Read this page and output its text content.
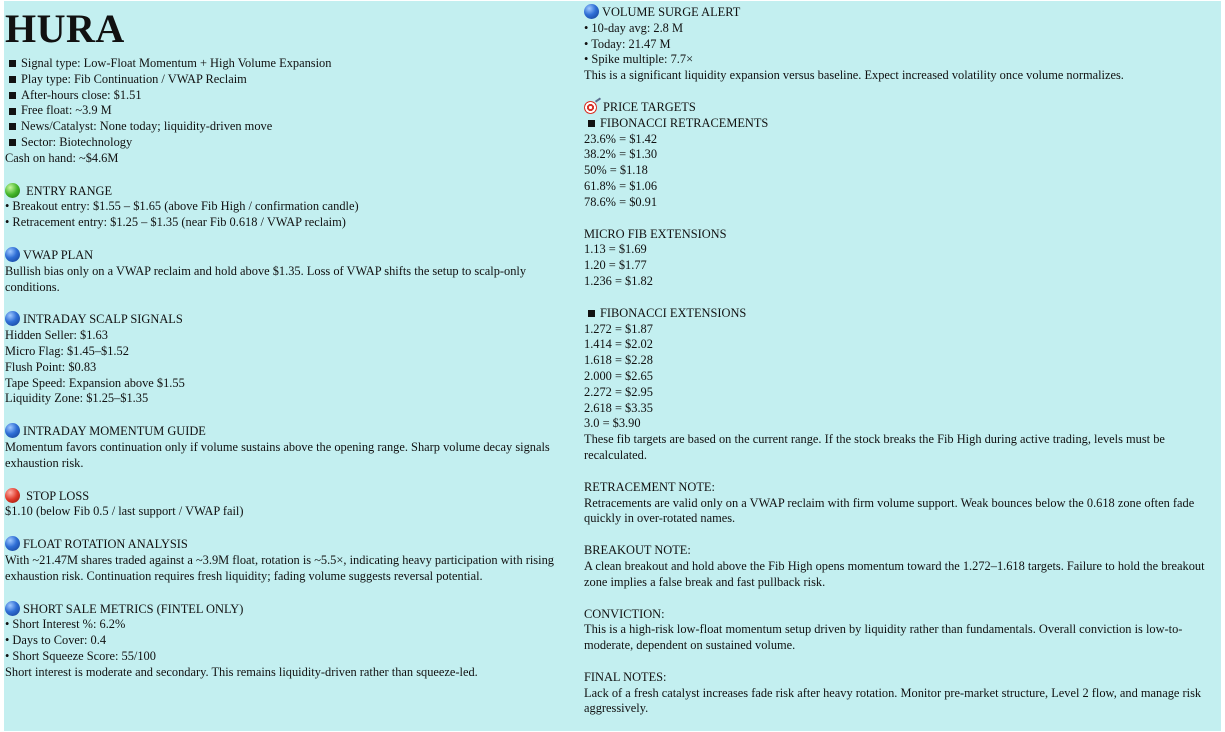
HURA
Signal type: Low-Float Momentum + High Volume Expansion
Play type: Fib Continuation / VWAP Reclaim
After-hours close: $1.51
Free float: ~3.9 M
News/Catalyst: None today; liquidity-driven move
Sector: Biotechnology
Cash on hand: ~$4.6M
ENTRY RANGE
• Breakout entry: $1.55 – $1.65 (above Fib High / confirmation candle)
• Retracement entry: $1.25 – $1.35 (near Fib 0.618 / VWAP reclaim)
VWAP PLAN
Bullish bias only on a VWAP reclaim and hold above $1.35. Loss of VWAP shifts the setup to scalp-only conditions.
INTRADAY SCALP SIGNALS
Hidden Seller: $1.63
Micro Flag: $1.45–$1.52
Flush Point: $0.83
Tape Speed: Expansion above $1.55
Liquidity Zone: $1.25–$1.35
INTRADAY MOMENTUM GUIDE
Momentum favors continuation only if volume sustains above the opening range. Sharp volume decay signals exhaustion risk.
STOP LOSS
$1.10 (below Fib 0.5 / last support / VWAP fail)
FLOAT ROTATION ANALYSIS
With ~21.47M shares traded against a ~3.9M float, rotation is ~5.5×, indicating heavy participation with rising exhaustion risk. Continuation requires fresh liquidity; fading volume suggests reversal potential.
SHORT SALE METRICS (FINTEL ONLY)
• Short Interest %: 6.2%
• Days to Cover: 0.4
• Short Squeeze Score: 55/100
Short interest is moderate and secondary. This remains liquidity-driven rather than squeeze-led.
VOLUME SURGE ALERT
• 10-day avg: 2.8 M
• Today: 21.47 M
• Spike multiple: 7.7×
This is a significant liquidity expansion versus baseline. Expect increased volatility once volume normalizes.
PRICE TARGETS
FIBONACCI RETRACEMENTS
23.6% = $1.42
38.2% = $1.30
50% = $1.18
61.8% = $1.06
78.6% = $0.91
MICRO FIB EXTENSIONS
1.13 = $1.69
1.20 = $1.77
1.236 = $1.82
FIBONACCI EXTENSIONS
1.272 = $1.87
1.414 = $2.02
1.618 = $2.28
2.000 = $2.65
2.272 = $2.95
2.618 = $3.35
3.0 = $3.90
These fib targets are based on the current range. If the stock breaks the Fib High during active trading, levels must be recalculated.
RETRACEMENT NOTE:
Retracements are valid only on a VWAP reclaim with firm volume support. Weak bounces below the 0.618 zone often fade quickly in over-rotated names.
BREAKOUT NOTE:
A clean breakout and hold above the Fib High opens momentum toward the 1.272–1.618 targets. Failure to hold the breakout zone implies a false break and fast pullback risk.
CONVICTION:
This is a high-risk low-float momentum setup driven by liquidity rather than fundamentals. Overall conviction is low-to-moderate, dependent on sustained volume.
FINAL NOTES:
Lack of a fresh catalyst increases fade risk after heavy rotation. Monitor pre-market structure, Level 2 flow, and manage risk aggressively.
